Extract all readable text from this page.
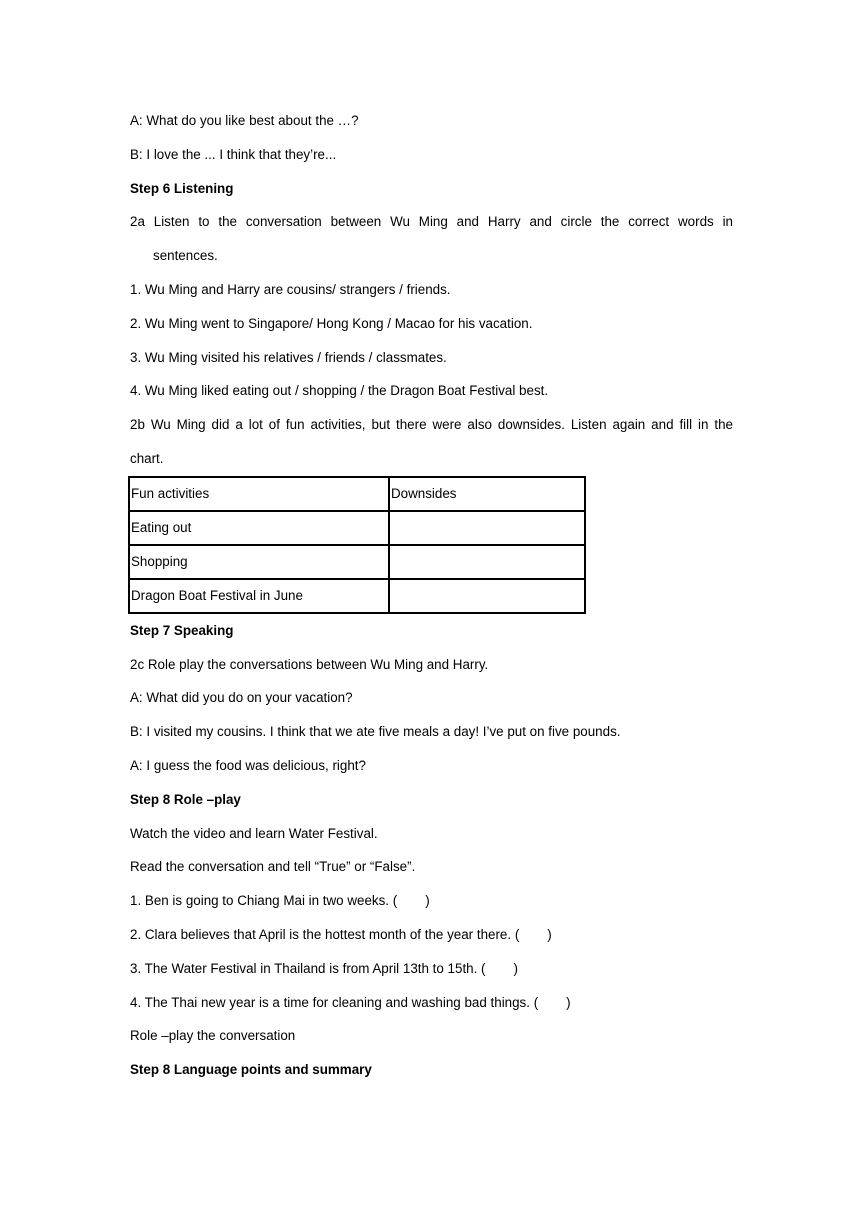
A: What do you like best about the …?

B: I love the ... I think that they’re...

Step 6 Listening

2a Listen to the conversation between Wu Ming and Harry and circle the correct words in

sentences.

1. Wu Ming and Harry are cousins/ strangers / friends.

2. Wu Ming went to Singapore/ Hong Kong / Macao for his vacation.

3. Wu Ming visited his relatives / friends / classmates.

4. Wu Ming liked eating out / shopping / the Dragon Boat Festival best.

2b Wu Ming did a lot of fun activities, but there were also downsides. Listen again and fill in the

chart.

Fun activities	Downsides
Eating out	
Shopping	
Dragon Boat Festival in June	

Step 7 Speaking

2c Role play the conversations between Wu Ming and Harry.

A: What did you do on your vacation?

B: I visited my cousins. I think that we ate five meals a day! I’ve put on five pounds.

A: I guess the food was delicious, right?

Step 8 Role –play

Watch the video and learn Water Festival.

Read the conversation and tell “True” or “False”.

1. Ben is going to Chiang Mai in two weeks. ( )

2. Clara believes that April is the hottest month of the year there. ( )

3. The Water Festival in Thailand is from April 13th to 15th. ( )

4. The Thai new year is a time for cleaning and washing bad things. ( )

Role –play the conversation

Step 8 Language points and summary
